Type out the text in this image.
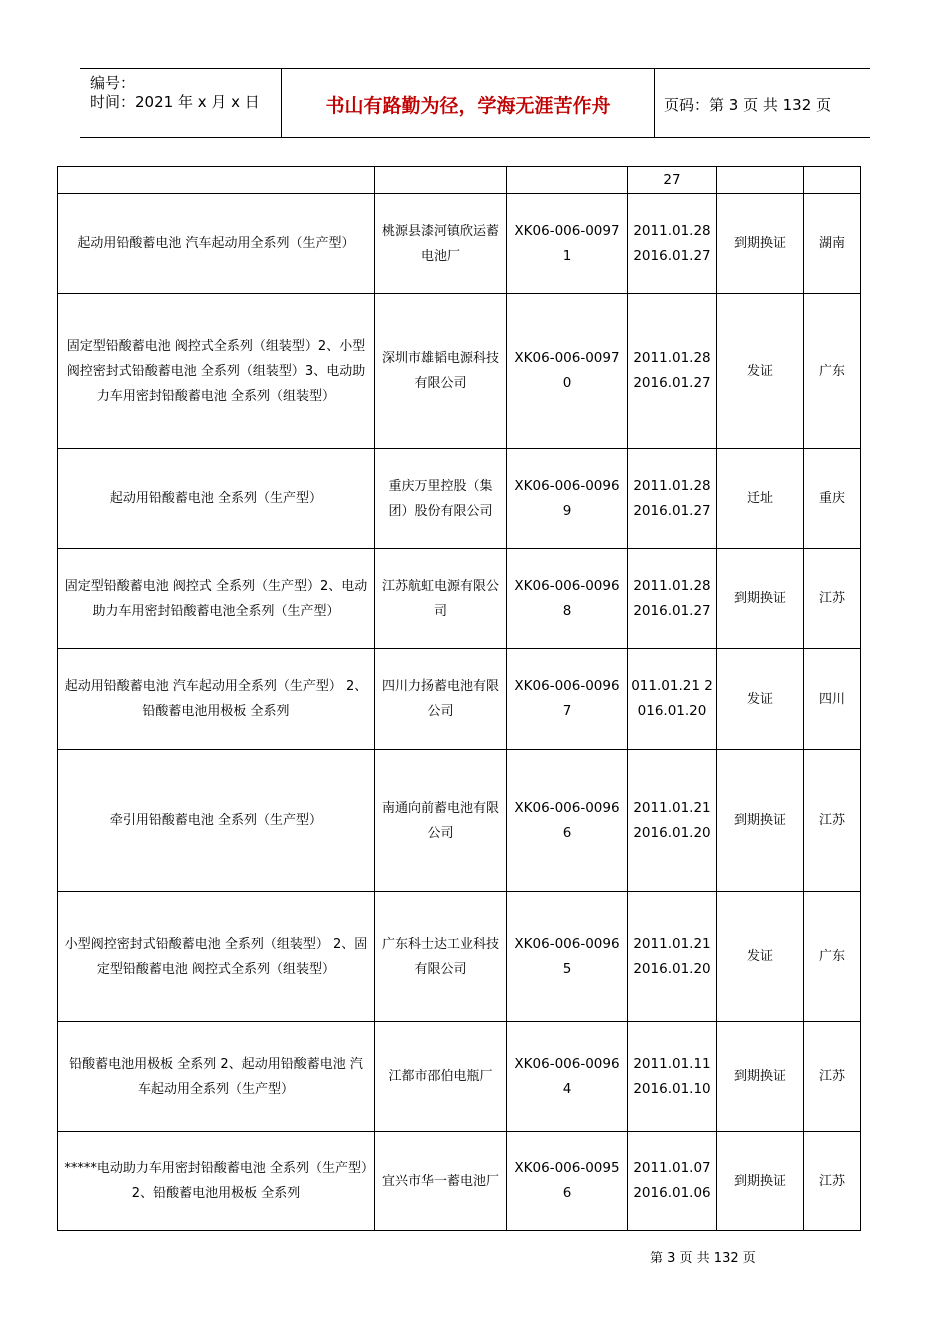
编号：
时间：2021 年 x 月 x 日	书山有路勤为径，学海无涯苦作舟	页码：第 3 页 共 132 页
			27		
起动用铅酸蓄电池 汽车起动用全系列（生产型）	桃源县漆河镇欣运蓄电池厂	XK06-006-00971	2011.01.28 2016.01.27	到期换证	湖南
固定型铅酸蓄电池 阀控式全系列（组装型）2、小型阀控密封式铅酸蓄电池 全系列（组装型）3、电动助力车用密封铅酸蓄电池 全系列（组装型）	深圳市雄韬电源科技有限公司	XK06-006-00970	2011.01.28 2016.01.27	发证	广东
起动用铅酸蓄电池 全系列（生产型）	重庆万里控股（集团）股份有限公司	XK06-006-00969	2011.01.28 2016.01.27	迁址	重庆
固定型铅酸蓄电池 阀控式 全系列（生产型）2、电动助力车用密封铅酸蓄电池全系列（生产型）	江苏航虹电源有限公司	XK06-006-00968	2011.01.28 2016.01.27	到期换证	江苏
起动用铅酸蓄电池 汽车起动用全系列（生产型） 2、铅酸蓄电池用极板 全系列	四川力扬蓄电池有限公司	XK06-006-00967	011.01.21 2016.01.20	发证	四川
牵引用铅酸蓄电池 全系列（生产型）	南通向前蓄电池有限公司	XK06-006-00966	2011.01.21 2016.01.20	到期换证	江苏
小型阀控密封式铅酸蓄电池 全系列（组装型） 2、固定型铅酸蓄电池 阀控式全系列（组装型）	广东科士达工业科技有限公司	XK06-006-00965	2011.01.21 2016.01.20	发证	广东
铅酸蓄电池用极板 全系列 2、起动用铅酸蓄电池 汽车起动用全系列（生产型）	江都市邵伯电瓶厂	XK06-006-00964	2011.01.11 2016.01.10	到期换证	江苏
*****电动助力车用密封铅酸蓄电池 全系列（生产型）2、铅酸蓄电池用极板 全系列	宜兴市华一蓄电池厂	XK06-006-00956	2011.01.07 2016.01.06	到期换证	江苏
第 3 页 共 132 页
